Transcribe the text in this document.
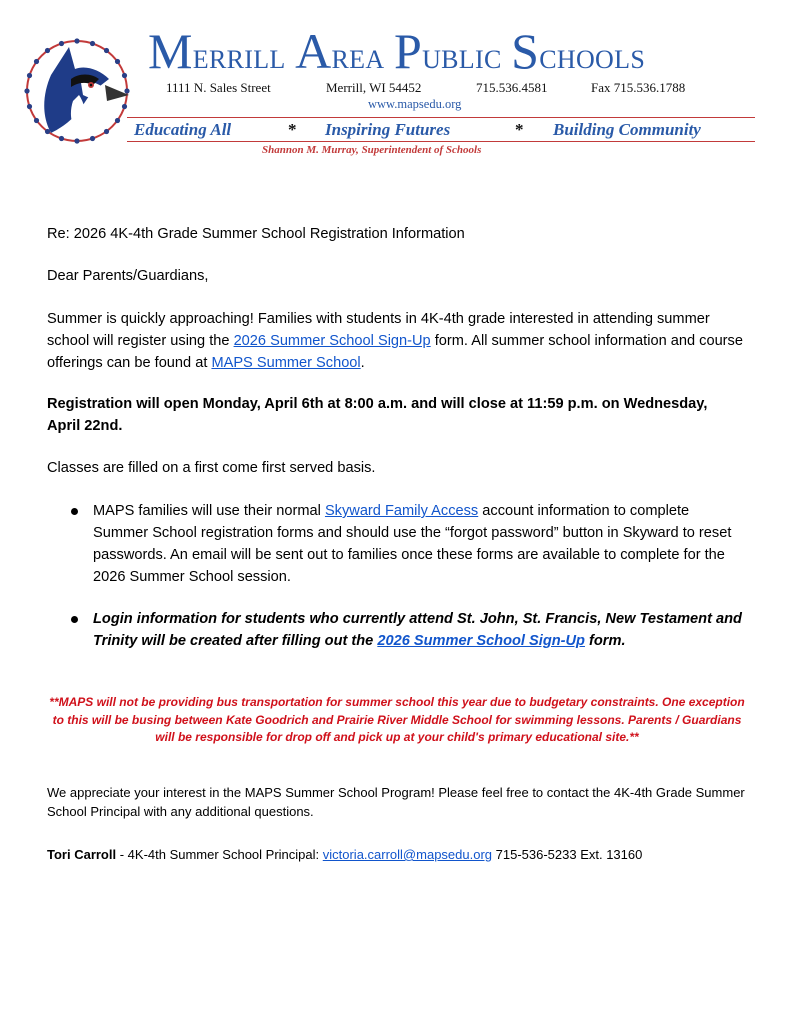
Merrill Area Public Schools
1111 N. Sales Street	Merrill, WI 54452	715.536.4581	Fax 715.536.1788
www.mapsedu.org
Educating All	* Inspiring Futures	* Building Community
Shannon M. Murray, Superintendent of Schools

Re: 2026 4K-4th Grade Summer School Registration Information

Dear Parents/Guardians,

Summer is quickly approaching! Families with students in 4K-4th grade interested in attending summer school will register using the 2026 Summer School Sign-Up form. All summer school information and course offerings can be found at MAPS Summer School.

Registration will open Monday, April 6th at 8:00 a.m. and will close at 11:59 p.m. on Wednesday, April 22nd.

Classes are filled on a first come first served basis.

MAPS families will use their normal Skyward Family Access account information to complete Summer School registration forms and should use the “forgot password” button in Skyward to reset passwords. An email will be sent out to families once these forms are available to complete for the 2026 Summer School session.

Login information for students who currently attend St. John, St. Francis, New Testament and Trinity will be created after filling out the 2026 Summer School Sign-Up form.

**MAPS will not be providing bus transportation for summer school this year due to budgetary constraints. One exception to this will be busing between Kate Goodrich and Prairie River Middle School for swimming lessons. Parents / Guardians will be responsible for drop off and pick up at your child's primary educational site.**

We appreciate your interest in the MAPS Summer School Program! Please feel free to contact the 4K-4th Grade Summer School Principal with any additional questions.

Tori Carroll - 4K-4th Summer School Principal: victoria.carroll@mapsedu.org 715-536-5233 Ext. 13160
